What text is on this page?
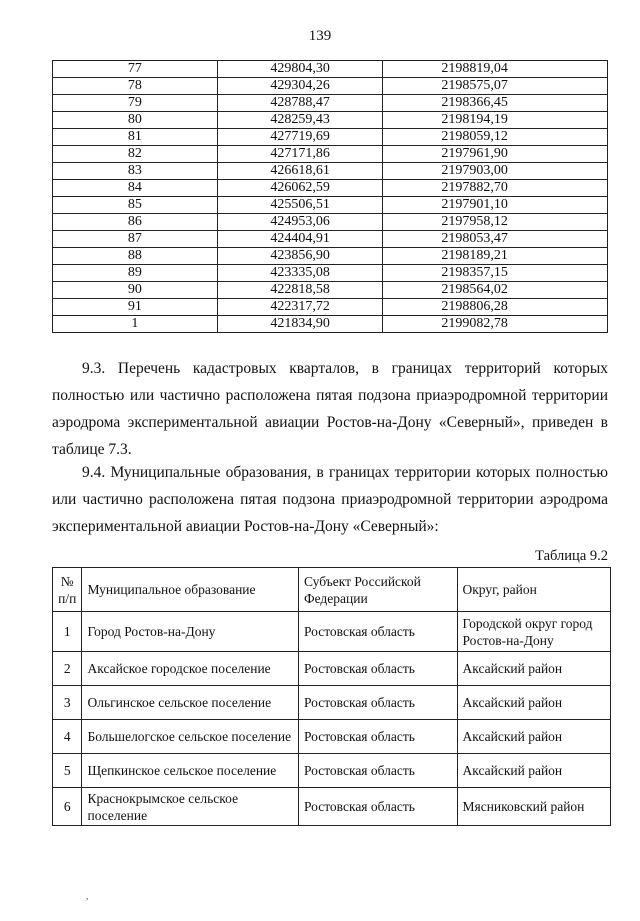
139
77	429804,30	2198819,04
78	429304,26	2198575,07
79	428788,47	2198366,45
80	428259,43	2198194,19
81	427719,69	2198059,12
82	427171,86	2197961,90
83	426618,61	2197903,00
84	426062,59	2197882,70
85	425506,51	2197901,10
86	424953,06	2197958,12
87	424404,91	2198053,47
88	423856,90	2198189,21
89	423335,08	2198357,15
90	422818,58	2198564,02
91	422317,72	2198806,28
1	421834,90	2199082,78
9.3. Перечень кадастровых кварталов, в границах территорий которых полностью или частично расположена пятая подзона приаэродромной территории аэродрома экспериментальной авиации Ростов-на-Дону «Северный», приведен в таблице 7.3.
9.4. Муниципальные образования, в границах территории которых полностью или частично расположена пятая подзона приаэродромной территории аэродрома экспериментальной авиации Ростов-на-Дону «Северный»:
Таблица 9.2
№ п/п	Муниципальное образование	Субъект Российской Федерации	Округ, район
1	Город Ростов-на-Дону	Ростовская область	Городской округ город Ростов-на-Дону
2	Аксайское городское поселение	Ростовская область	Аксайский район
3	Ольгинское сельское поселение	Ростовская область	Аксайский район
4	Большелогское сельское поселение	Ростовская область	Аксайский район
5	Щепкинское сельское поселение	Ростовская область	Аксайский район
6	Краснокрымское сельское поселение	Ростовская область	Мясниковский район
,
